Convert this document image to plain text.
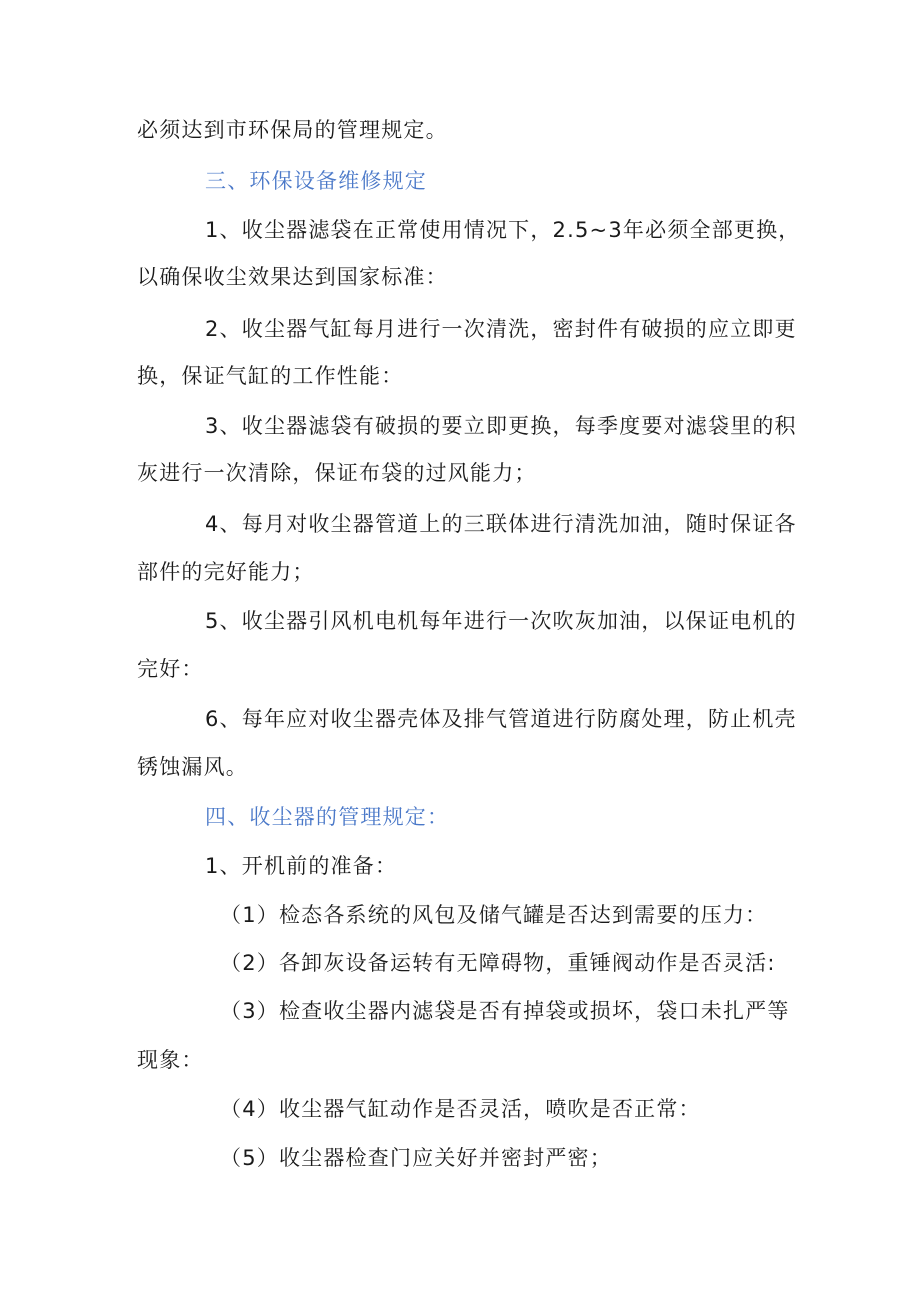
必须达到市环保局的管理规定。
三、环保设备维修规定
1、收尘器滤袋在正常使用情况下，2.5~3年必须全部更换，
以确保收尘效果达到国家标准：
2、收尘器气缸每月进行一次清洗，密封件有破损的应立即更
换，保证气缸的工作性能：
3、收尘器滤袋有破损的要立即更换，每季度要对滤袋里的积
灰进行一次清除，保证布袋的过风能力；
4、每月对收尘器管道上的三联体进行清洗加油，随时保证各
部件的完好能力；
5、收尘器引风机电机每年进行一次吹灰加油，以保证电机的
完好：
6、每年应对收尘器壳体及排气管道进行防腐处理，防止机壳
锈蚀漏风。
四、收尘器的管理规定：
1、开机前的准备：
（1）检态各系统的风包及储气罐是否达到需要的压力：
（2）各卸灰设备运转有无障碍物，重锤阀动作是否灵活:
（3）检查收尘器内滤袋是否有掉袋或损坏，袋口未扎严等
现象：
（4）收尘器气缸动作是否灵活，喷吹是否正常：
（5）收尘器检查门应关好并密封严密；
